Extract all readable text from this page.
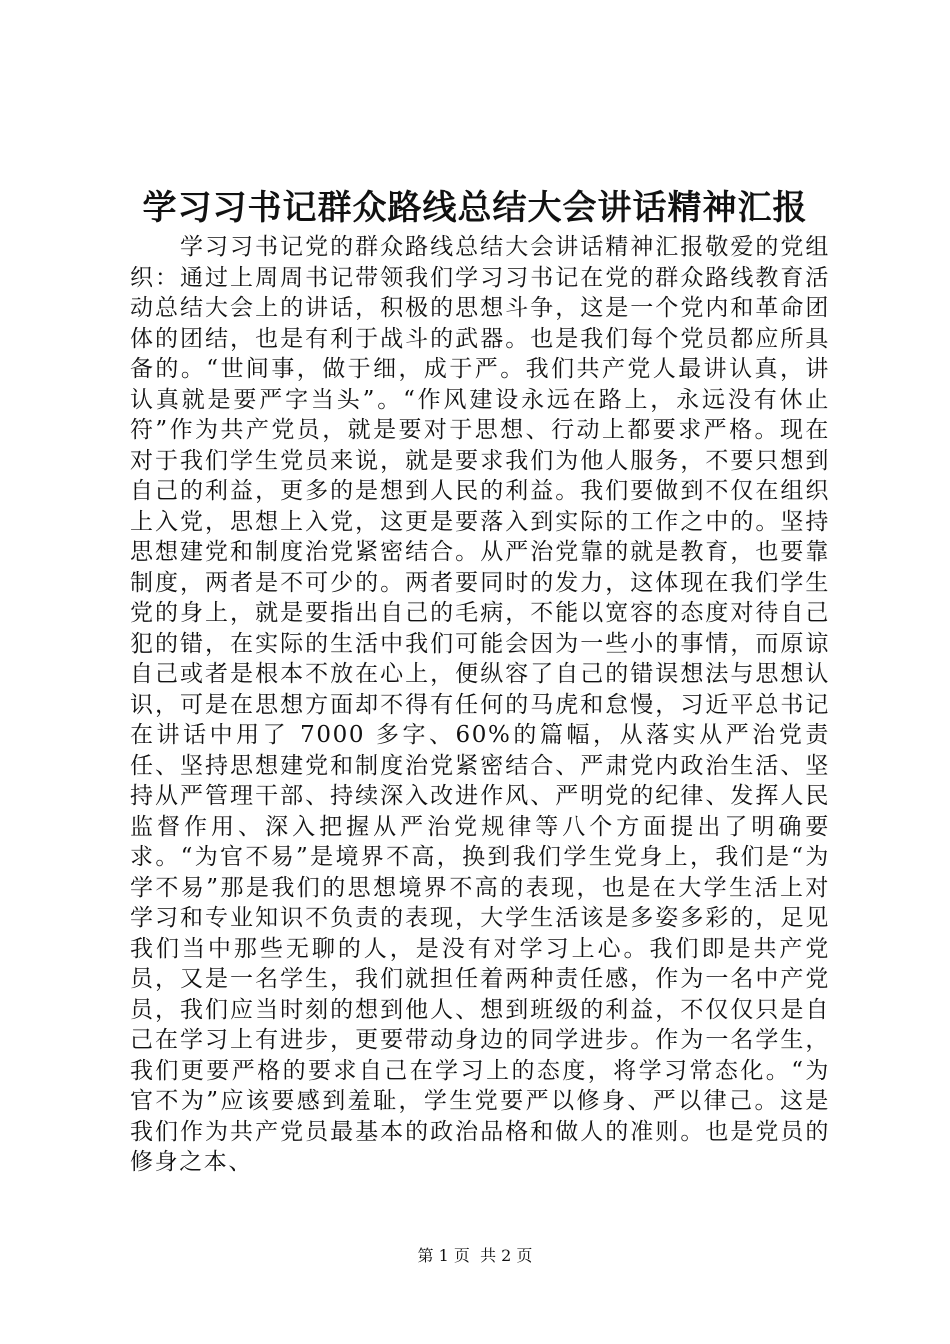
学习习书记群众路线总结大会讲话精神汇报
学习习书记党的群众路线总结大会讲话精神汇报敬爱的党组织：通过上周周书记带领我们学习习书记在党的群众路线教育活动总结大会上的讲话，积极的思想斗争，这是一个党内和革命团体的团结，也是有利于战斗的武器。也是我们每个党员都应所具备的。“世间事，做于细，成于严。我们共产党人最讲认真，讲认真就是要严字当头”。“作风建设永远在路上，永远没有休止符”作为共产党员，就是要对于思想、行动上都要求严格。现在对于我们学生党员来说，就是要求我们为他人服务，不要只想到自己的利益，更多的是想到人民的利益。我们要做到不仅在组织上入党，思想上入党，这更是要落入到实际的工作之中的。坚持思想建党和制度治党紧密结合。从严治党靠的就是教育，也要靠制度，两者是不可少的。两者要同时的发力，这体现在我们学生党的身上，就是要指出自己的毛病，不能以宽容的态度对待自己犯的错，在实际的生活中我们可能会因为一些小的事情，而原谅自己或者是根本不放在心上，便纵容了自己的错误想法与思想认识，可是在思想方面却不得有任何的马虎和怠慢，习近平总书记在讲话中用了 7000 多字、60%的篇幅，从落实从严治党责任、坚持思想建党和制度治党紧密结合、严肃党内政治生活、坚持从严管理干部、持续深入改进作风、严明党的纪律、发挥人民监督作用、深入把握从严治党规律等八个方面提出了明确要求。“为官不易”是境界不高，换到我们学生党身上，我们是“为学不易”那是我们的思想境界不高的表现，也是在大学生活上对学习和专业知识不负责的表现，大学生活该是多姿多彩的，足见我们当中那些无聊的人，是没有对学习上心。我们即是共产党员，又是一名学生，我们就担任着两种责任感，作为一名中产党员，我们应当时刻的想到他人、想到班级的利益，不仅仅只是自己在学习上有进步，更要带动身边的同学进步。作为一名学生，我们更要严格的要求自己在学习上的态度，将学习常态化。“为官不为”应该要感到羞耻，学生党要严以修身、严以律己。这是我们作为共产党员最基本的政治品格和做人的准则。也是党员的修身之本、
第 1 页  共 2 页
